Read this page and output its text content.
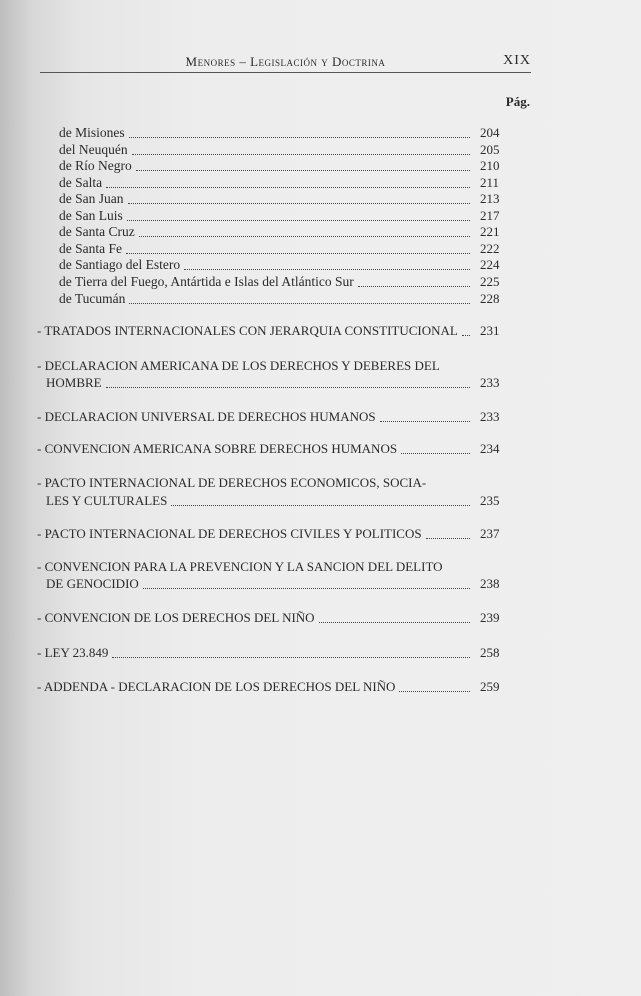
Menores – Legislación y Doctrina	XIX
Pág.
de Misiones	204
del Neuquén	205
de Río Negro	210
de Salta	211
de San Juan	213
de San Luis	217
de Santa Cruz	221
de Santa Fe	222
de Santiago del Estero	224
de Tierra del Fuego, Antártida e Islas del Atlántico Sur	225
de Tucumán	228
- TRATADOS INTERNACIONALES CON JERARQUIA CONSTITUCIONAL 231
- DECLARACION AMERICANA DE LOS DERECHOS Y DEBERES DEL
HOMBRE	233
- DECLARACION UNIVERSAL DE DERECHOS HUMANOS	233
- CONVENCION AMERICANA SOBRE DERECHOS HUMANOS	234
- PACTO INTERNACIONAL DE DERECHOS ECONOMICOS, SOCIA-
LES Y CULTURALES	235
- PACTO INTERNACIONAL DE DERECHOS CIVILES Y POLITICOS	237
- CONVENCION PARA LA PREVENCION Y LA SANCION DEL DELITO
DE GENOCIDIO	238
- CONVENCION DE LOS DERECHOS DEL NIÑO	239
- LEY 23.849	258
- ADDENDA - DECLARACION DE LOS DERECHOS DEL NIÑO	259
